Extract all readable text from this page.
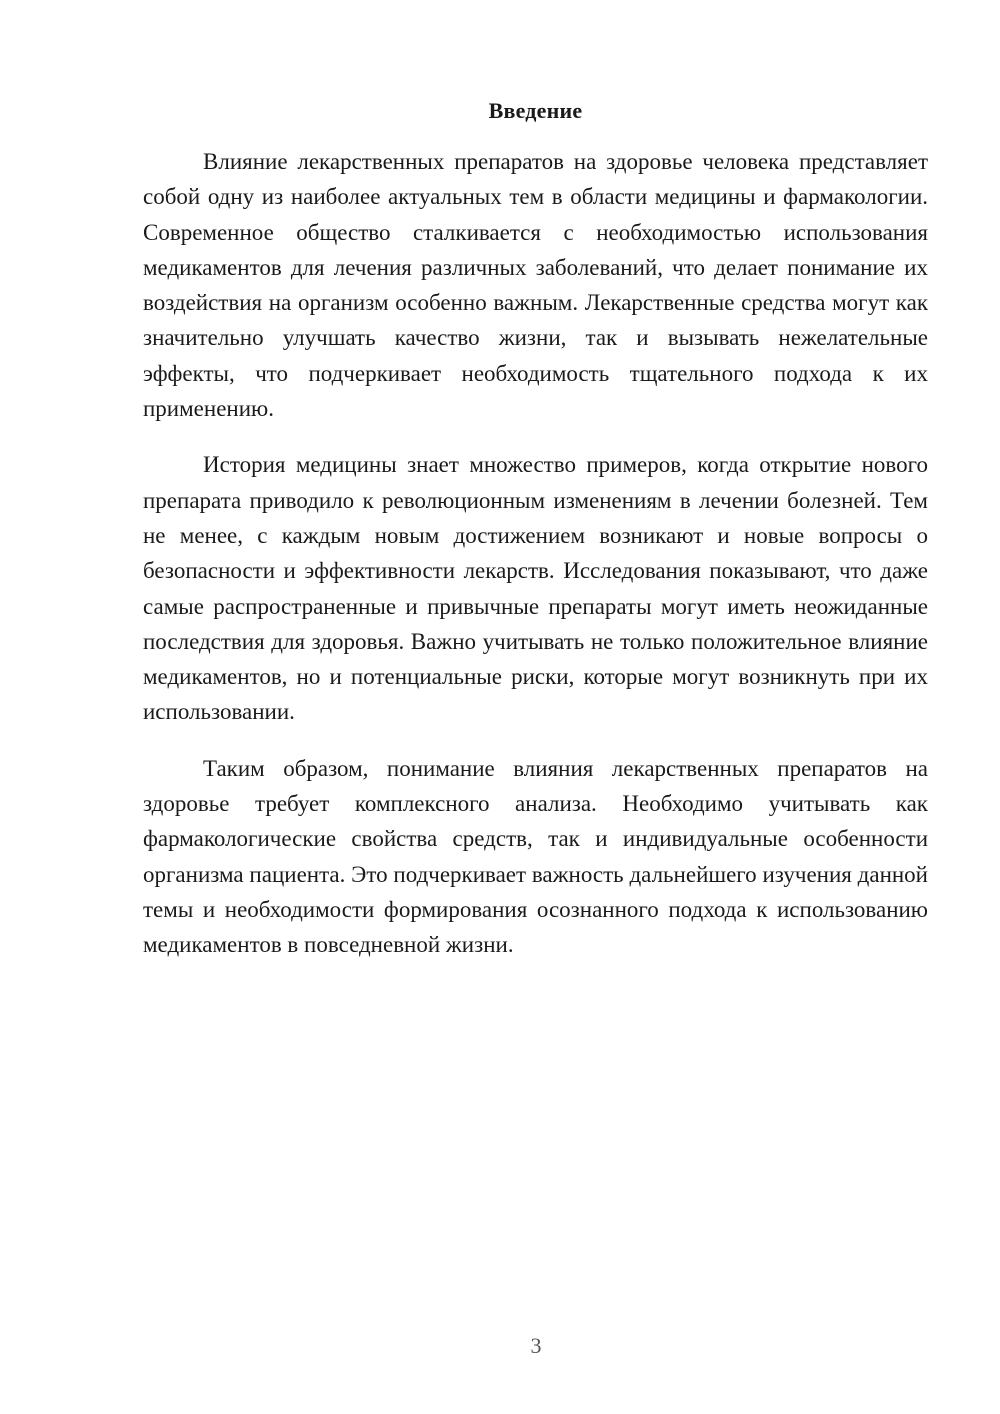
Введение

Влияние лекарственных препаратов на здоровье человека представляет собой одну из наиболее актуальных тем в области медицины и фармакологии. Современное общество сталкивается с необходимостью использования медикаментов для лечения различных заболеваний, что делает понимание их воздействия на организм особенно важным. Лекарственные средства могут как значительно улучшать качество жизни, так и вызывать нежелательные эффекты, что подчеркивает необходимость тщательного подхода к их применению.

История медицины знает множество примеров, когда открытие нового препарата приводило к революционным изменениям в лечении болезней. Тем не менее, с каждым новым достижением возникают и новые вопросы о безопасности и эффективности лекарств. Исследования показывают, что даже самые распространенные и привычные препараты могут иметь неожиданные последствия для здоровья. Важно учитывать не только положительное влияние медикаментов, но и потенциальные риски, которые могут возникнуть при их использовании.

Таким образом, понимание влияния лекарственных препаратов на здоровье требует комплексного анализа. Необходимо учитывать как фармакологические свойства средств, так и индивидуальные особенности организма пациента. Это подчеркивает важность дальнейшего изучения данной темы и необходимости формирования осознанного подхода к использованию медикаментов в повседневной жизни.

3
